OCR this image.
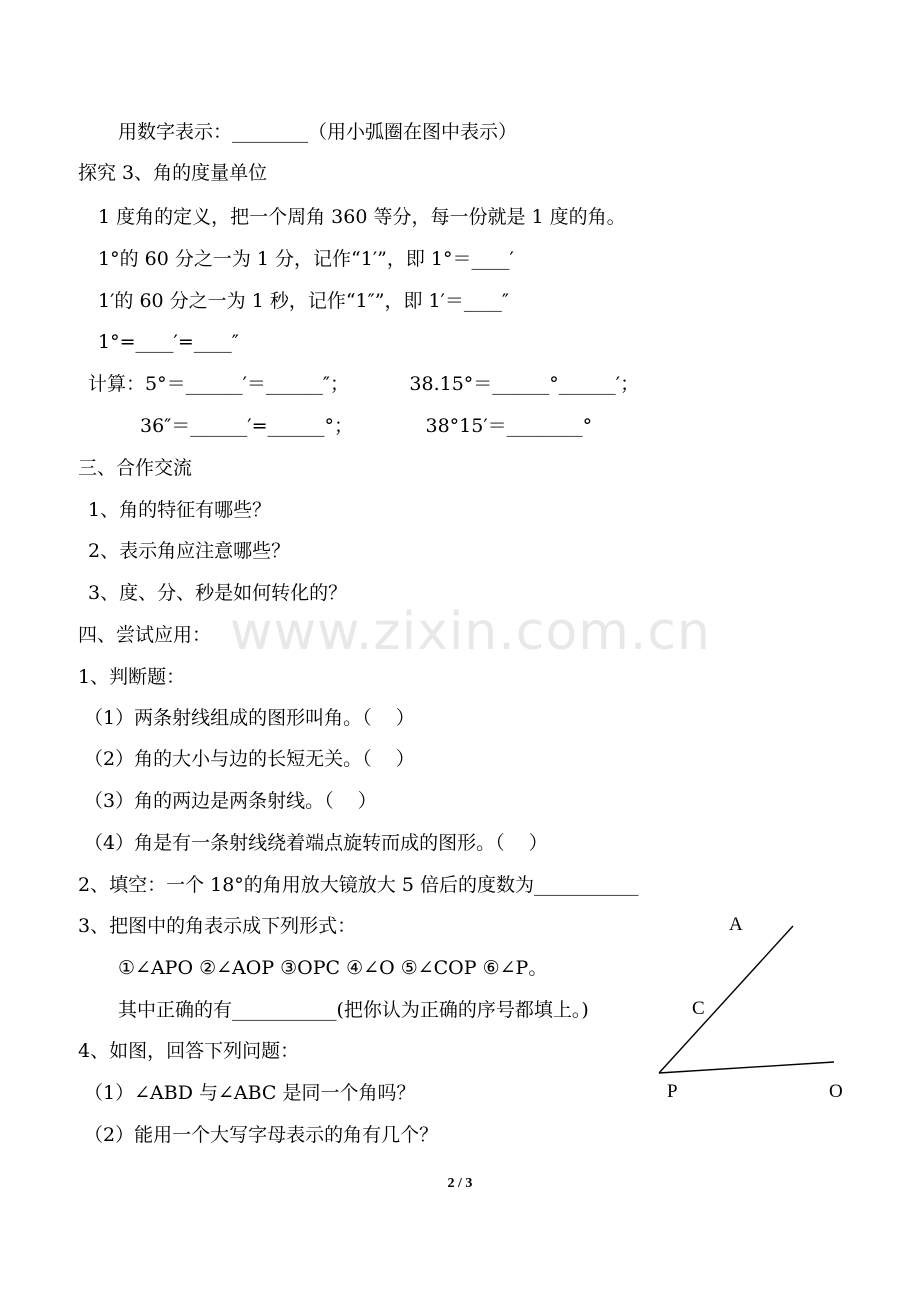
用数字表示：________（用小弧圈在图中表示）
探究 3、角的度量单位
1 度角的定义，把一个周角 360 等分，每一份就是 1 度的角。
1°的 60 分之一为 1 分，记作“1′”，即 1°＝____′
1′的 60 分之一为 1 秒，记作“1″”，即 1′＝____″
1°=____′=____″
计算：5°＝______′＝______″；          38.15°＝______°______′；
36″＝______′=______°；            38°15′＝________°
三、合作交流
1、角的特征有哪些？
2、表示角应注意哪些？
3、度、分、秒是如何转化的？
四、尝试应用：
1、判断题：
（1）两条射线组成的图形叫角。（    ）
（2）角的大小与边的长短无关。（    ）
（3）角的两边是两条射线。（    ）
（4）角是有一条射线绕着端点旋转而成的图形。（    ）
2、填空：一个 18°的角用放大镜放大 5 倍后的度数为___________
3、把图中的角表示成下列形式：
①∠APO ②∠AOP ③OPC ④∠O ⑤∠COP ⑥∠P。
其中正确的有___________(把你认为正确的序号都填上。)
4、如图，回答下列问题：
（1）∠ABD 与∠ABC 是同一个角吗？
（2）能用一个大写字母表示的角有几个？
www.zixin.com.cn
A
C
P	O
2 / 3
